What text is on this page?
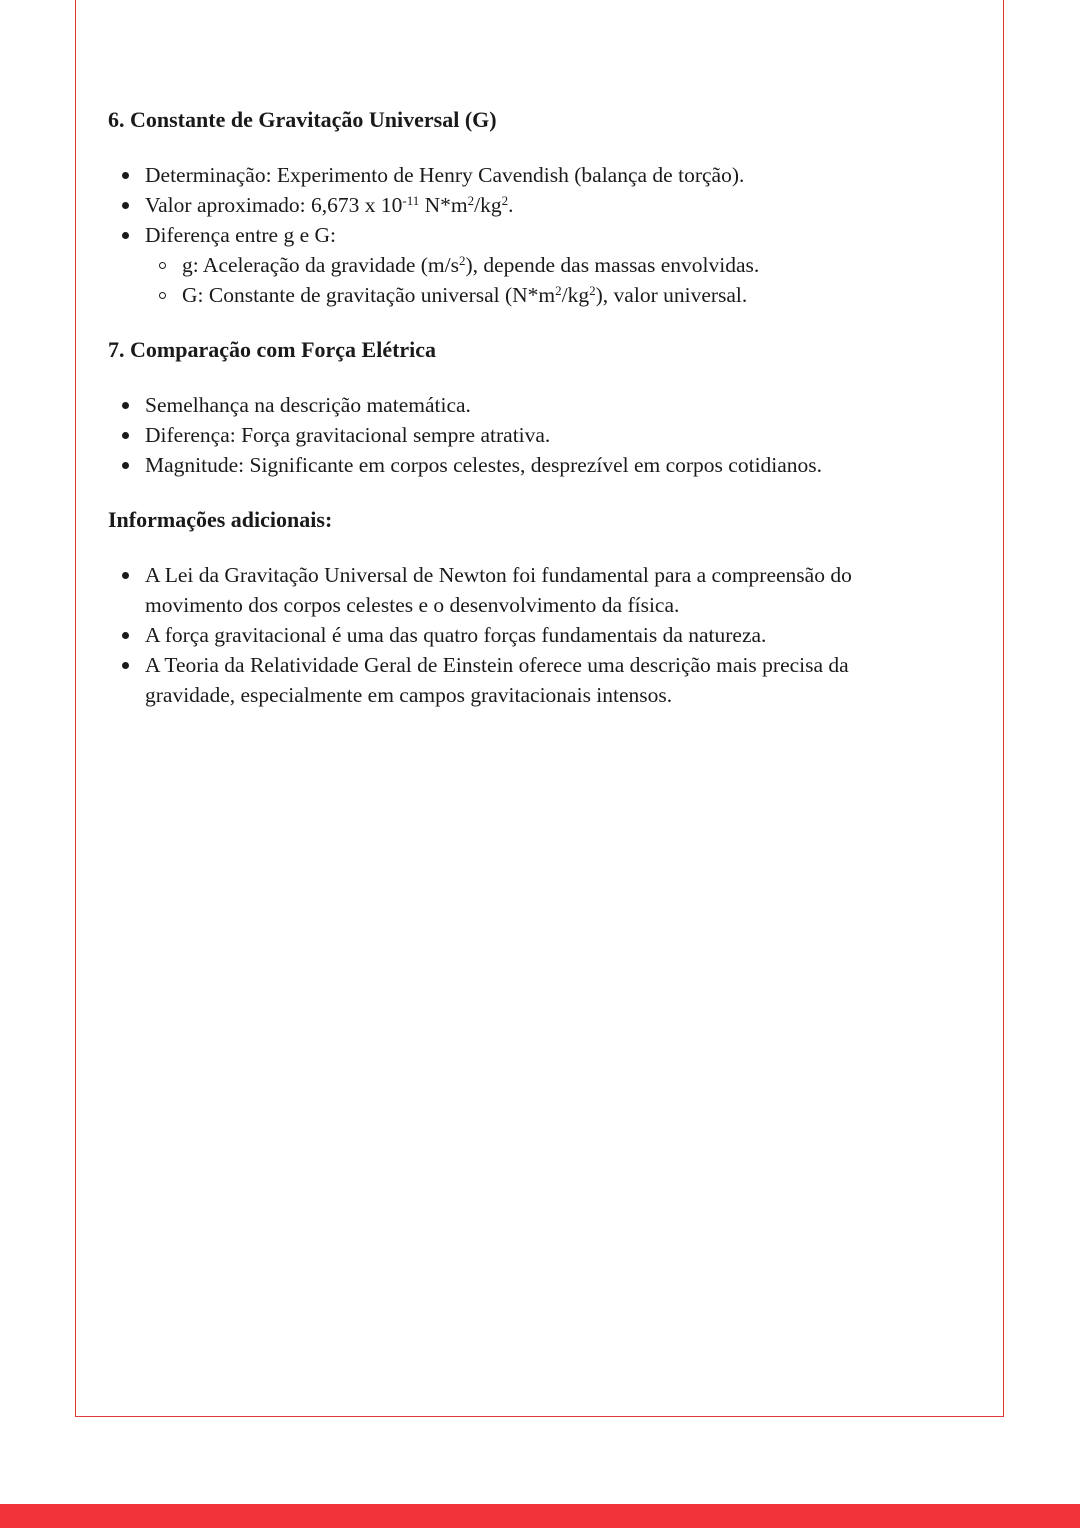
6. Constante de Gravitação Universal (G)
Determinação: Experimento de Henry Cavendish (balança de torção).
Valor aproximado: 6,673 x $10^{-11}$ $N*m^2/kg^2$.
Diferença entre g e G:
g: Aceleração da gravidade $(m/s^2)$, depende das massas envolvidas.
G: Constante de gravitação universal $(N*m^2/kg^2)$, valor universal.
7. Comparação com Força Elétrica
Semelhança na descrição matemática.
Diferença: Força gravitacional sempre atrativa.
Magnitude: Significante em corpos celestes, desprezível em corpos cotidianos.
Informações adicionais:
A Lei da Gravitação Universal de Newton foi fundamental para a compreensão do movimento dos corpos celestes e o desenvolvimento da física.
A força gravitacional é uma das quatro forças fundamentais da natureza.
A Teoria da Relatividade Geral de Einstein oferece uma descrição mais precisa da gravidade, especialmente em campos gravitacionais intensos.
